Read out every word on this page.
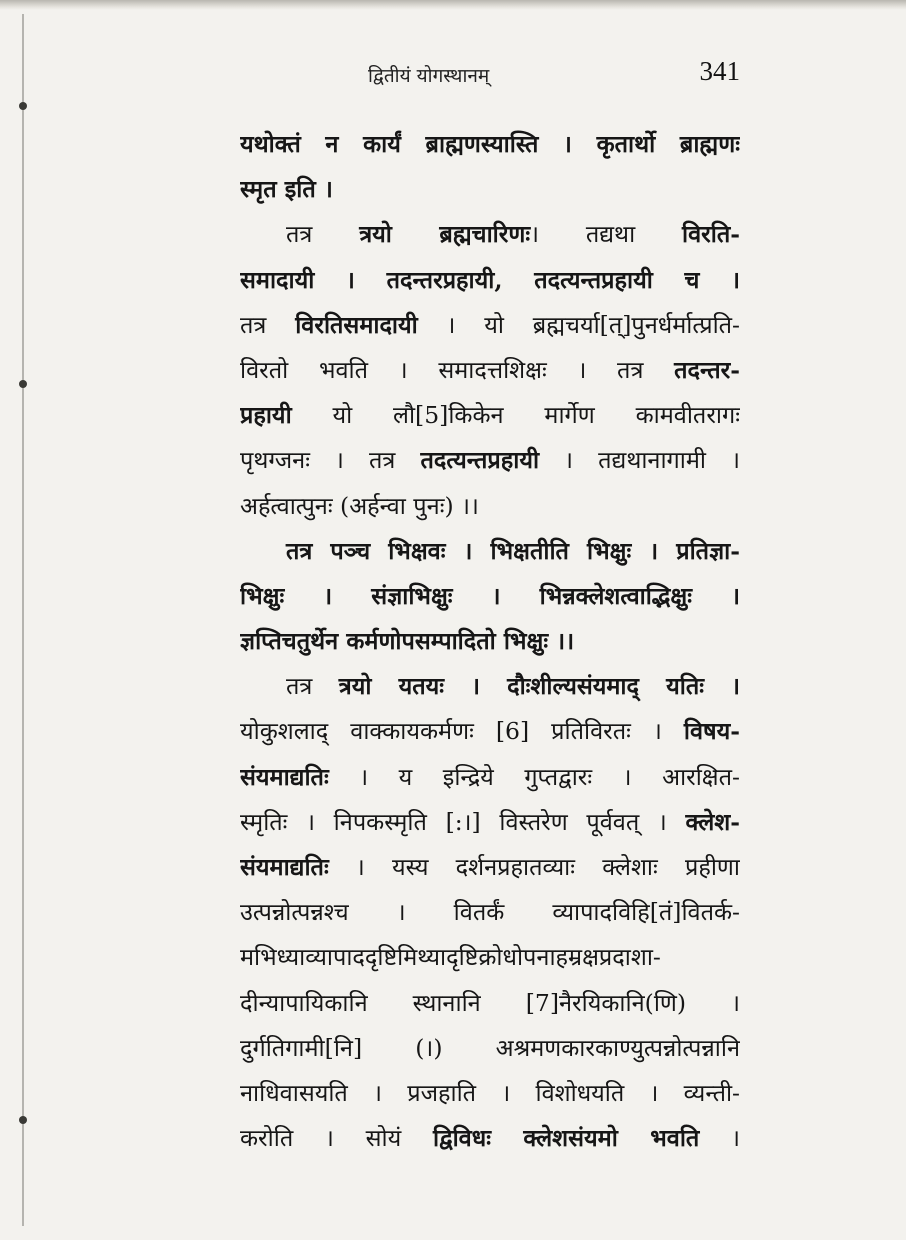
द्वितीयं योगस्थानम्	341
यथोक्तं न कार्यं ब्राह्मणस्यास्ति । कृतार्थो ब्राह्मणः
स्मृत इति ।
तत्र त्रयो ब्रह्मचारिणः। तद्यथा विरति-
समादायी । तदन्तरप्रहायी, तदत्यन्तप्रहायी च ।
तत्र विरतिसमादायी । यो ब्रह्मचर्या[त्]पुनर्धर्मात्प्रति-
विरतो भवति । समादत्तशिक्षः । तत्र तदन्तर-
प्रहायी यो लौ[5]किकेन मार्गेण कामवीतरागः
पृथग्जनः । तत्र तदत्यन्तप्रहायी । तद्यथानागामी ।
अर्हत्वात्पुनः (अर्हन्वा पुनः) ।।
तत्र पञ्च भिक्षवः । भिक्षतीति भिक्षुः । प्रतिज्ञा-
भिक्षुः । संज्ञाभिक्षुः । भिन्नक्लेशत्वाद्भिक्षुः ।
ज्ञप्तिचतुर्थेन कर्मणोपसम्पादितो भिक्षुः ।।
तत्र त्रयो यतयः । दौःशील्यसंयमाद् यतिः ।
योकुशलाद् वाक्कायकर्मणः [6] प्रतिविरतः । विषय-
संयमाद्यतिः । य इन्द्रिये गुप्तद्वारः । आरक्षित-
स्मृतिः । निपकस्मृति [:।] विस्तरेण पूर्ववत् । क्लेश-
संयमाद्यतिः । यस्य दर्शनप्रहातव्याः क्लेशाः प्रहीणा
उत्पन्नोत्पन्नश्च । वितर्कं व्यापादविहि[तं]वितर्क-
मभिध्याव्यापाददृष्टिमिथ्यादृष्टिक्रोधोपनाहम्रक्षप्रदाशा-
दीन्यापायिकानि स्थानानि [7]नैरयिकानि(णि) ।
दुर्गतिगामी[नि] (।) अश्रमणकारकाण्युत्पन्नोत्पन्नानि
नाधिवासयति । प्रजहाति । विशोधयति । व्यन्ती-
करोति । सोयं द्विविधः क्लेशसंयमो भवति ।
